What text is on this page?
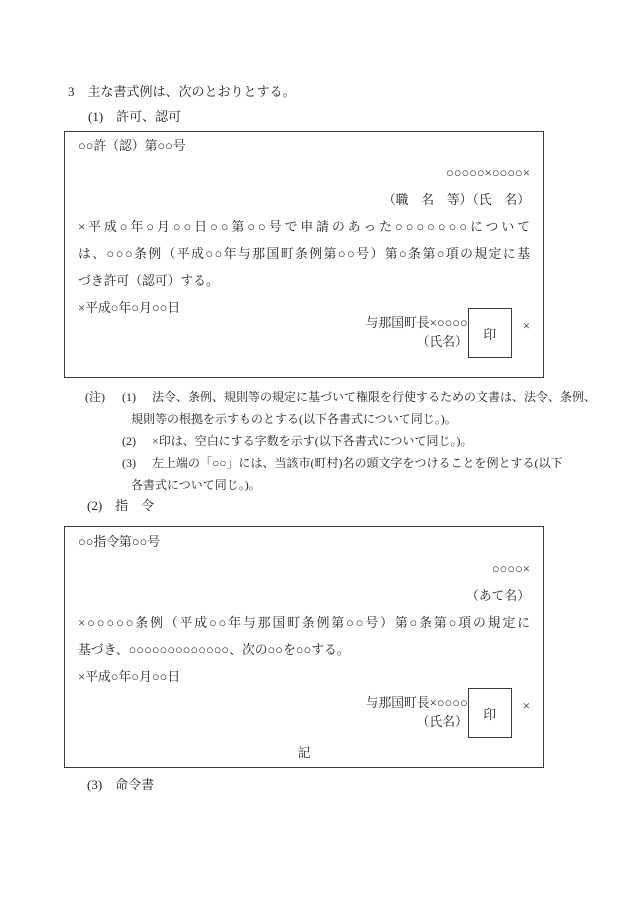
3　主な書式例は、次のとおりとする。
(1)　許可、認可
○○許（認）第○○号
○○○○○×○○○○×
（職　名　等）（氏　名）
×平成○年○月○○日○○第○○号で申請のあった○○○○○○○について
は、○○○条例（平成○○年与那国町条例第○○号）第○条第○項の規定に基
づき許可（認可）する。
×平成○年○月○○日
与那国町長×○○○○
（氏名）
印
×
(注) (1) 法令、条例、規則等の規定に基づいて権限を行使するための文書は、法令、条例、
規則等の根拠を示すものとする(以下各書式について同じ。)。
(2) ×印は、空白にする字数を示す(以下各書式について同じ。)。
(3) 左上端の「○○」には、当該市(町村)名の頭文字をつけることを例とする(以下
各書式について同じ。)。
(2)　指　令
○○指令第○○号
○○○○×
（あて名）
×○○○○○条例（平成○○年与那国町条例第○○号）第○条第○項の規定に
基づき、○○○○○○○○○○○○○、次の○○を○○する。
×平成○年○月○○日
与那国町長×○○○○
（氏名）
印
×
記
(3)　命令書
